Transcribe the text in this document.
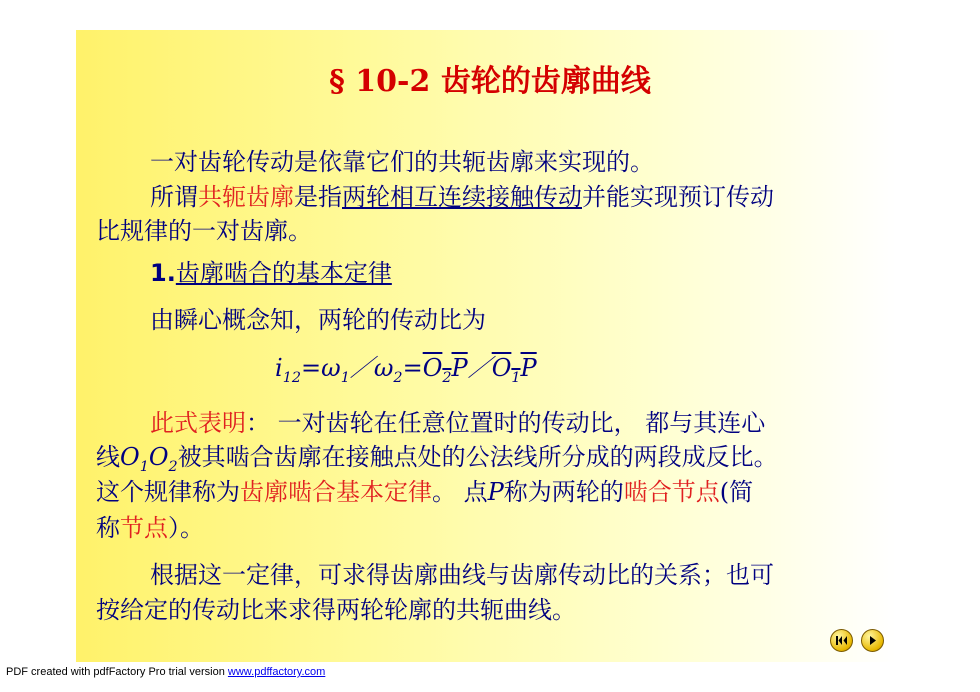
§ 10-2 齿轮的齿廓曲线
一对齿轮传动是依靠它们的共轭齿廓来实现的。
所谓共轭齿廓是指两轮相互连续接触传动并能实现预订传动
比规律的一对齿廓。
1.齿廓啮合的基本定律
由瞬心概念知，两轮的传动比为
$i_{12}=\omega_1/\omega_2=O_2P/O_1P$
此式表明： 一对齿轮在任意位置时的传动比， 都与其连心
线$O_1O_2$被其啮合齿廓在接触点处的公法线所分成的两段成反比。
这个规律称为齿廓啮合基本定律。 点P称为两轮的啮合节点(简
称节点）。
根据这一定律，可求得齿廓曲线与齿廓传动比的关系；也可
按给定的传动比来求得两轮轮廓的共轭曲线。
PDF created with pdfFactory Pro trial version www.pdffactory.com
